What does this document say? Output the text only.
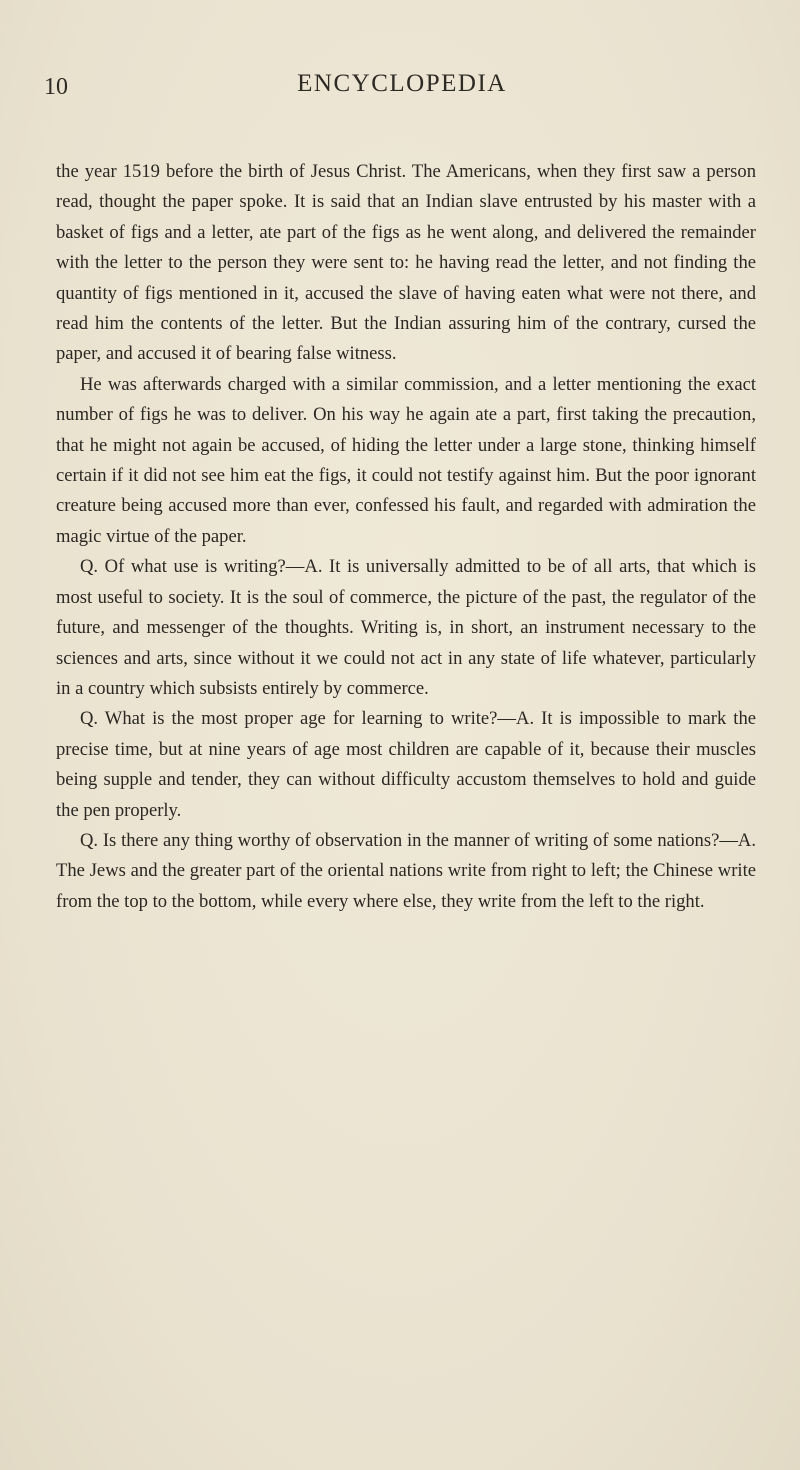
10	ENCYCLOPEDIA

the year 1519 before the birth of Jesus Christ. The Americans, when they first saw a person read, thought the paper spoke. It is said that an Indian slave entrusted by his master with a basket of figs and a letter, ate part of the figs as he went along, and delivered the remainder with the letter to the person they were sent to: he having read the letter, and not finding the quantity of figs mentioned in it, accused the slave of having eaten what were not there, and read him the contents of the letter. But the Indian assuring him of the contrary, cursed the paper, and accused it of bearing false witness.

He was afterwards charged with a similar commission, and a letter mentioning the exact number of figs he was to deliver. On his way he again ate a part, first taking the precaution, that he might not again be accused, of hiding the letter under a large stone, thinking himself certain if it did not see him eat the figs, it could not testify against him. But the poor ignorant creature being accused more than ever, confessed his fault, and regarded with admiration the magic virtue of the paper.

Q. Of what use is writing?—A. It is universally admitted to be of all arts, that which is most useful to society. It is the soul of commerce, the picture of the past, the regulator of the future, and messenger of the thoughts. Writing is, in short, an instrument necessary to the sciences and arts, since without it we could not act in any state of life whatever, particularly in a country which subsists entirely by commerce.

Q. What is the most proper age for learning to write?—A. It is impossible to mark the precise time, but at nine years of age most children are capable of it, because their muscles being supple and tender, they can without difficulty accustom themselves to hold and guide the pen properly.

Q. Is there any thing worthy of observation in the manner of writing of some nations?—A. The Jews and the greater part of the oriental nations write from right to left; the Chinese write from the top to the bottom, while every where else, they write from the left to the right.
